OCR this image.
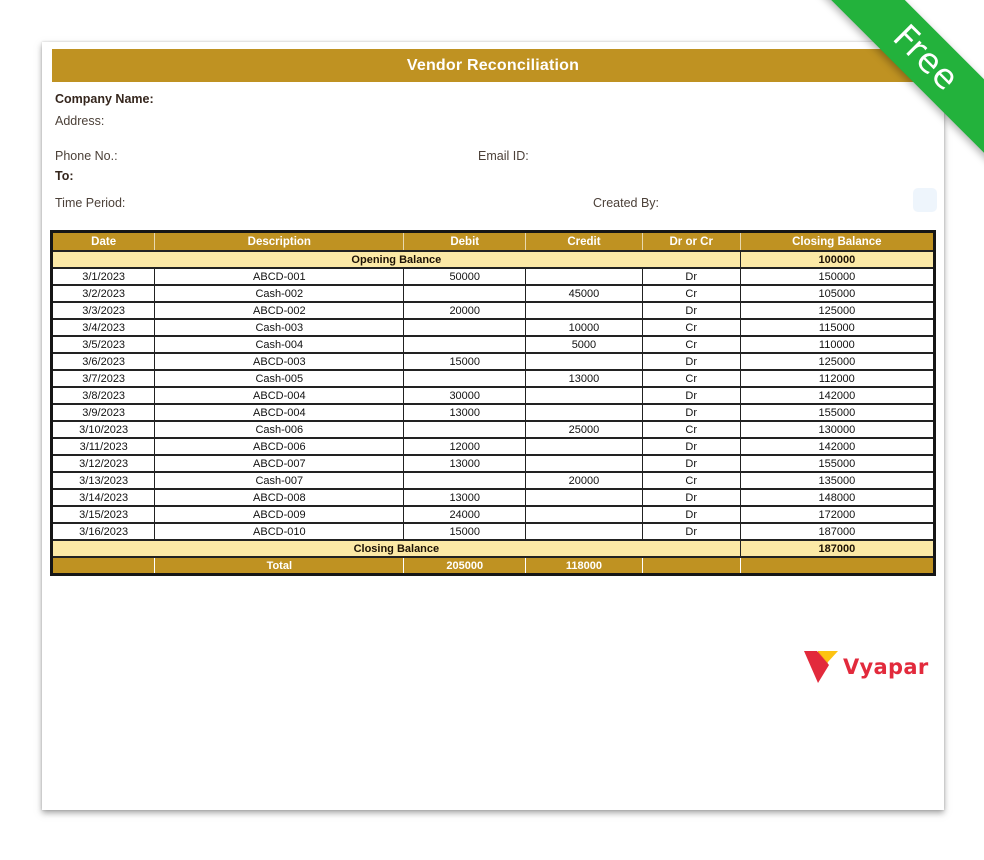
Vendor Reconciliation
Company Name:
Address:
Phone No.:	Email ID:
To:
Time Period:	Created By:
Date	Description	Debit	Credit	Dr or Cr	Closing Balance
Opening Balance					100000
3/1/2023	ABCD-001	50000		Dr	150000
3/2/2023	Cash-002		45000	Cr	105000
3/3/2023	ABCD-002	20000		Dr	125000
3/4/2023	Cash-003		10000	Cr	115000
3/5/2023	Cash-004		5000	Cr	110000
3/6/2023	ABCD-003	15000		Dr	125000
3/7/2023	Cash-005		13000	Cr	112000
3/8/2023	ABCD-004	30000		Dr	142000
3/9/2023	ABCD-004	13000		Dr	155000
3/10/2023	Cash-006		25000	Cr	130000
3/11/2023	ABCD-006	12000		Dr	142000
3/12/2023	ABCD-007	13000		Dr	155000
3/13/2023	Cash-007		20000	Cr	135000
3/14/2023	ABCD-008	13000		Dr	148000
3/15/2023	ABCD-009	24000		Dr	172000
3/16/2023	ABCD-010	15000		Dr	187000
Closing Balance					187000
	Total	205000	118000		
Vyapar
Free
